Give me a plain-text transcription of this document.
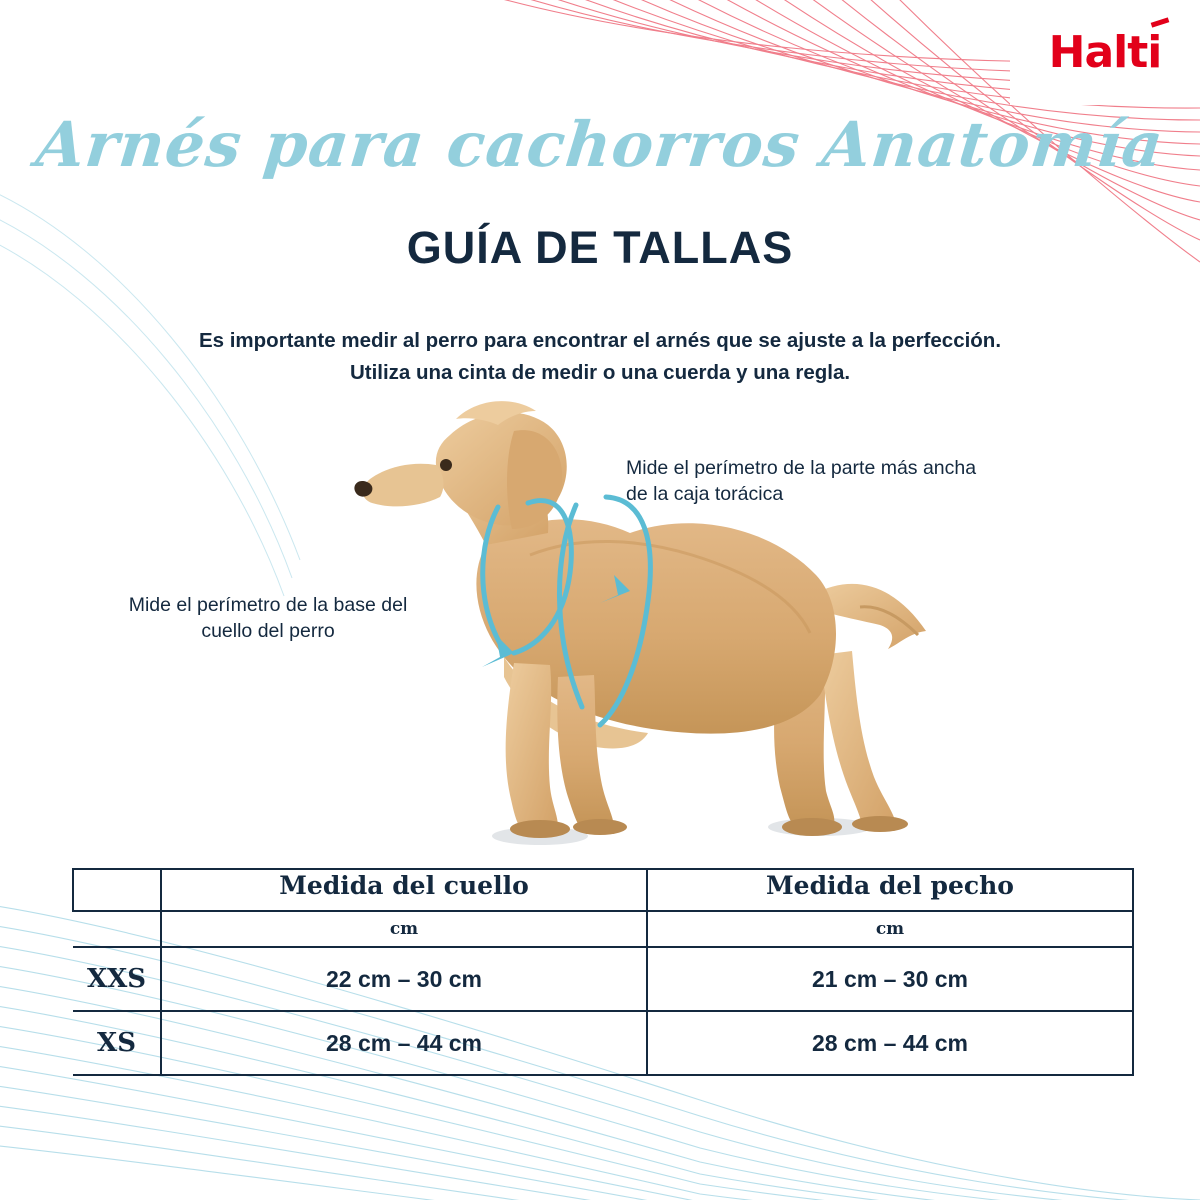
Halti
Arnés para cachorros Anatomía
GUÍA DE TALLAS
Es importante medir al perro para encontrar el arnés que se ajuste a la perfección.
Utiliza una cinta de medir o una cuerda y una regla.
Mide el perímetro de la parte más ancha de la caja torácica
Mide el perímetro de la base del cuello del perro
	Medida del cuello	Medida del pecho
	cm	cm
XXS	22 cm – 30 cm	21 cm – 30 cm
XS	28 cm – 44 cm	28 cm – 44 cm
